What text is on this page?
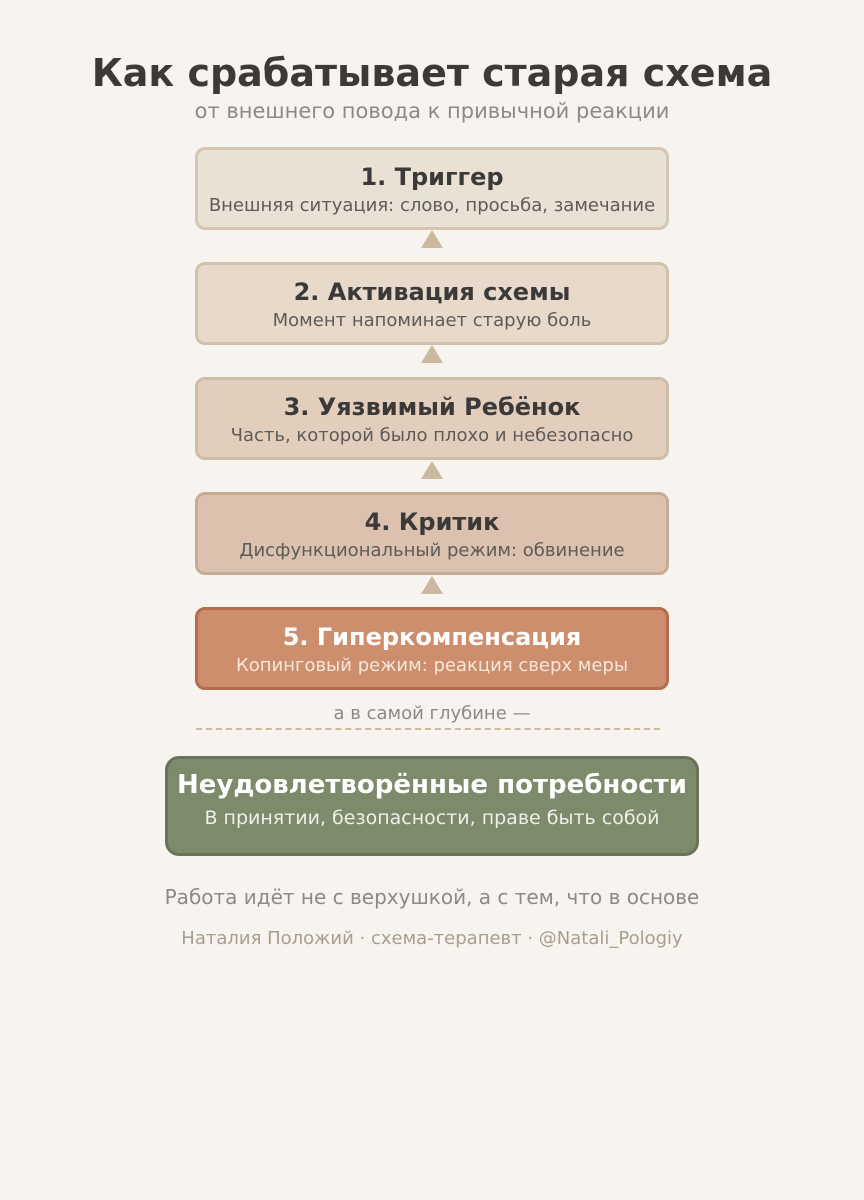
Как срабатывает старая схема
от внешнего повода к привычной реакции
1. Триггер
Внешняя ситуация: слово, просьба, замечание
2. Активация схемы
Момент напоминает старую боль
3. Уязвимый Ребёнок
Часть, которой было плохо и небезопасно
4. Критик
Дисфункциональный режим: обвинение
5. Гиперкомпенсация
Копинговый режим: реакция сверх меры
а в самой глубине —
Неудовлетворённые потребности
В принятии, безопасности, праве быть собой
Работа идёт не с верхушкой, а с тем, что в основе
Наталия Положий · схема-терапевт · @Natali_Pologiy
